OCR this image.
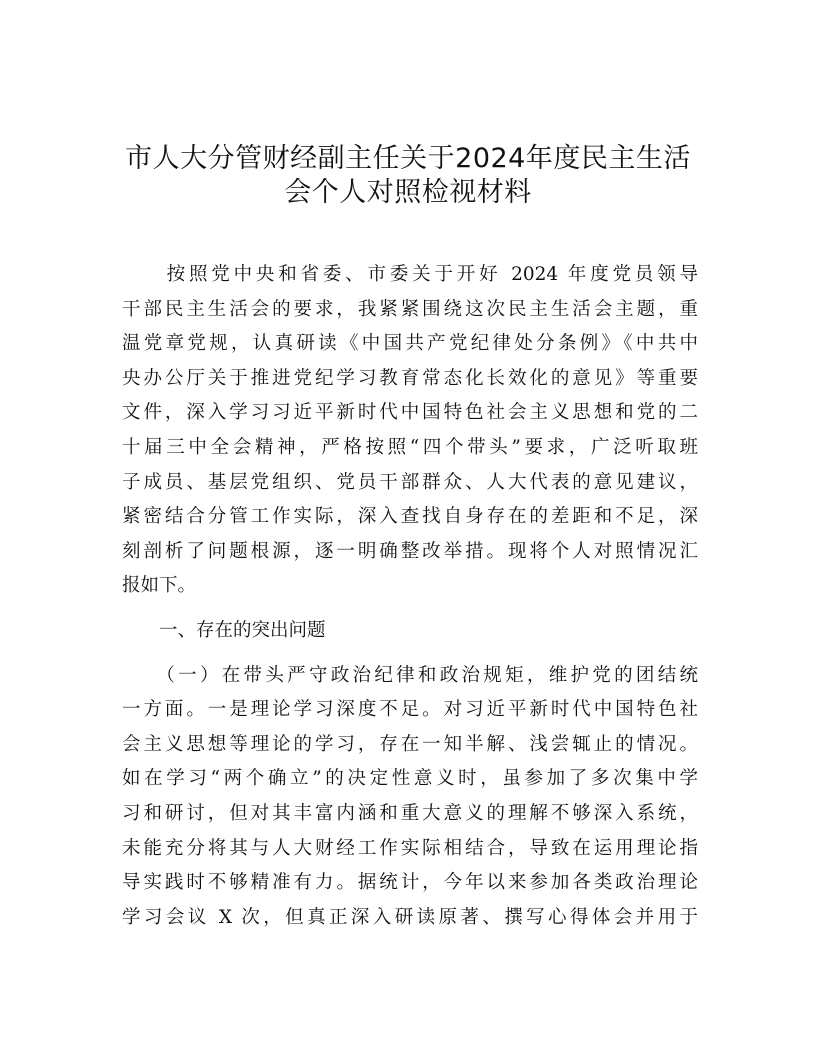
市人大分管财经副主任关于2024年度民主生活
会个人对照检视材料
　　按照党中央和省委、市委关于开好 2024 年度党员领导
干部民主生活会的要求，我紧紧围绕这次民主生活会主题，重
温党章党规，认真研读《中国共产党纪律处分条例》《中共中
央办公厅关于推进党纪学习教育常态化长效化的意见》等重要
文件，深入学习习近平新时代中国特色社会主义思想和党的二
十届三中全会精神，严格按照“四个带头”要求，广泛听取班
子成员、基层党组织、党员干部群众、人大代表的意见建议，
紧密结合分管工作实际，深入查找自身存在的差距和不足，深
刻剖析了问题根源，逐一明确整改举措。现将个人对照情况汇
报如下。
　　一、存在的突出问题
　　（一）在带头严守政治纪律和政治规矩，维护党的团结统
一方面。一是理论学习深度不足。对习近平新时代中国特色社
会主义思想等理论的学习，存在一知半解、浅尝辄止的情况。
如在学习“两个确立”的决定性意义时，虽参加了多次集中学
习和研讨，但对其丰富内涵和重大意义的理解不够深入系统，
未能充分将其与人大财经工作实际相结合，导致在运用理论指
导实践时不够精准有力。据统计，今年以来参加各类政治理论
学习会议 X 次，但真正深入研读原著、撰写心得体会并用于
